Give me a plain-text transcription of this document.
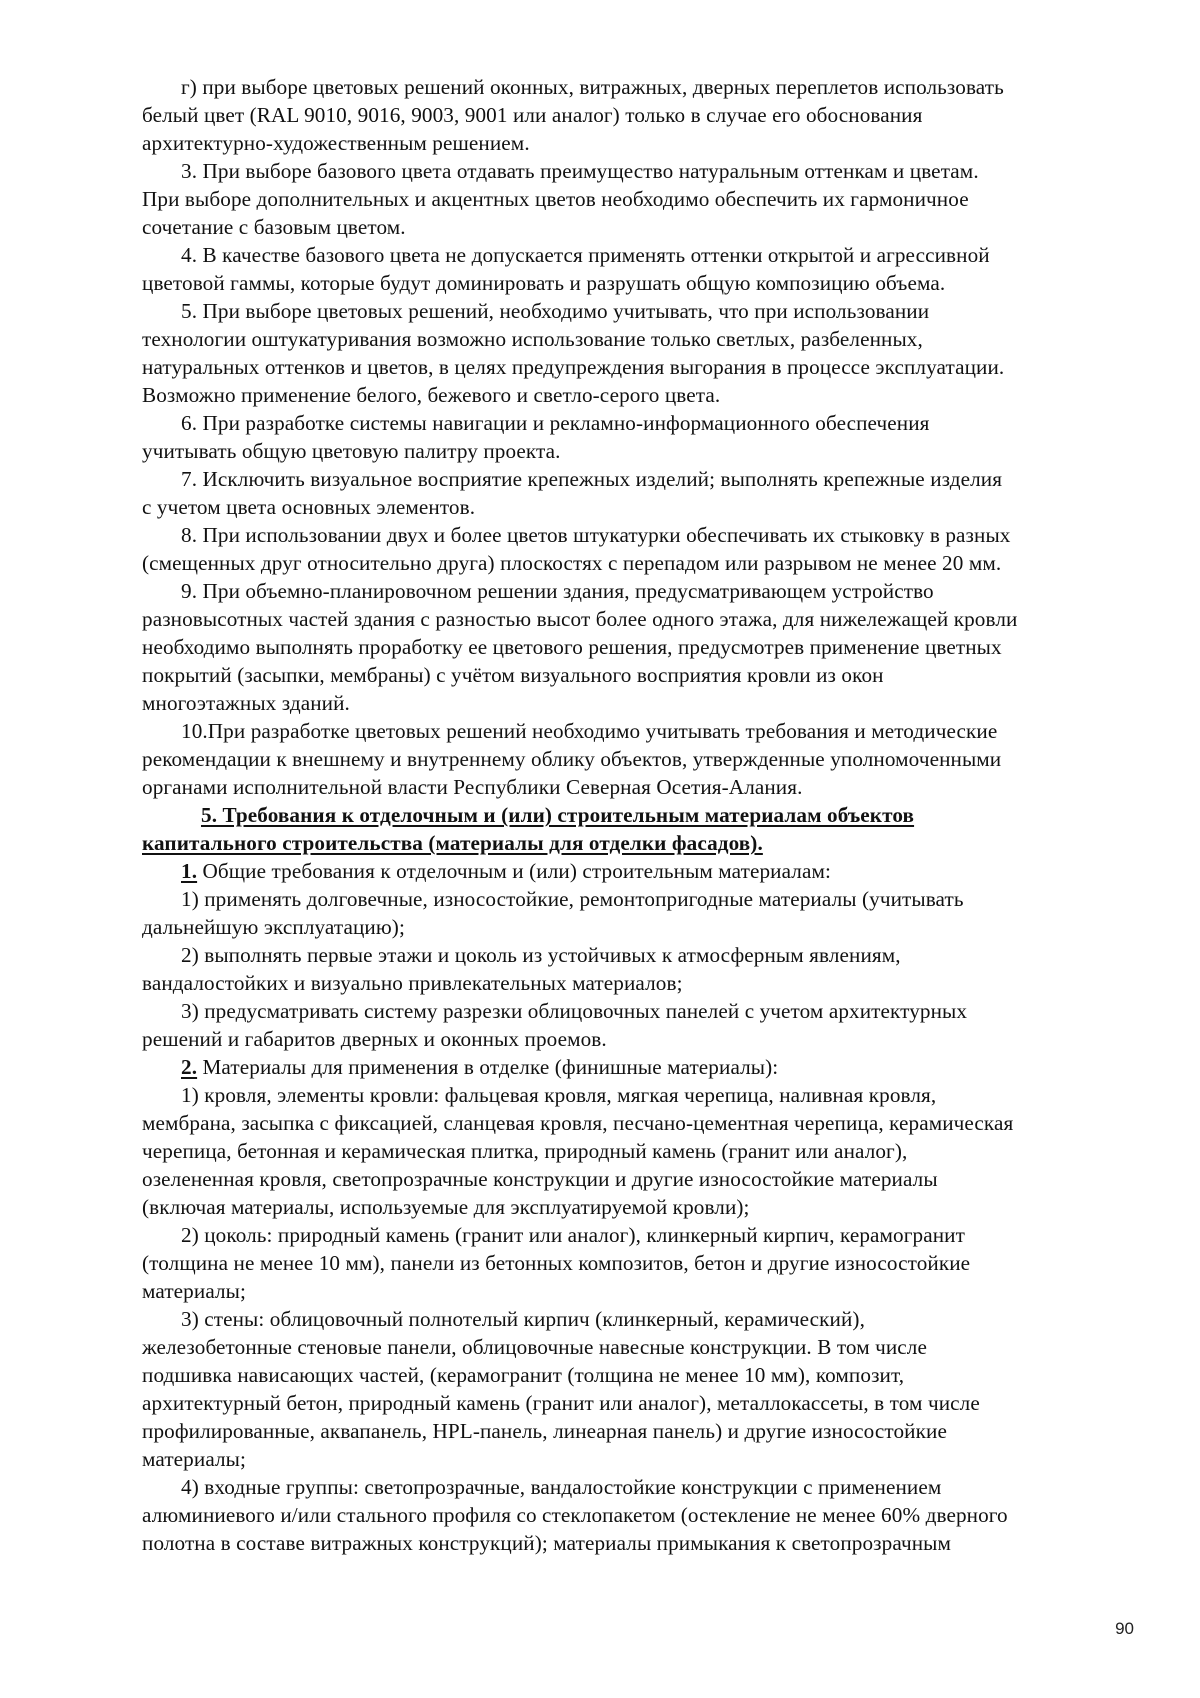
г) при выборе цветовых решений оконных, витражных, дверных переплетов использовать
белый цвет (RAL 9010, 9016, 9003, 9001 или аналог) только в случае его обоснования
архитектурно-художественным решением.
3. При выборе базового цвета отдавать преимущество натуральным оттенкам и цветам.
При выборе дополнительных и акцентных цветов необходимо обеспечить их гармоничное
сочетание с базовым цветом.
4. В качестве базового цвета не допускается применять оттенки открытой и агрессивной
цветовой гаммы, которые будут доминировать и разрушать общую композицию объема.
5. При выборе цветовых решений, необходимо учитывать, что при использовании
технологии оштукатуривания возможно использование только светлых, разбеленных,
натуральных оттенков и цветов, в целях предупреждения выгорания в процессе эксплуатации.
Возможно применение белого, бежевого и светло-серого цвета.
6. При разработке системы навигации и рекламно-информационного обеспечения
учитывать общую цветовую палитру проекта.
7. Исключить визуальное восприятие крепежных изделий; выполнять крепежные изделия
с учетом цвета основных элементов.
8. При использовании двух и более цветов штукатурки обеспечивать их стыковку в разных
(смещенных друг относительно друга) плоскостях с перепадом или разрывом не менее 20 мм.
9. При объемно-планировочном решении здания, предусматривающем устройство
разновысотных частей здания с разностью высот более одного этажа, для нижележащей кровли
необходимо выполнять проработку ее цветового решения, предусмотрев применение цветных
покрытий (засыпки, мембраны) с учётом визуального восприятия кровли из окон
многоэтажных зданий.
10.При разработке цветовых решений необходимо учитывать требования и методические
рекомендации к внешнему и внутреннему облику объектов, утвержденные уполномоченными
органами исполнительной власти Республики Северная Осетия-Алания.
5. Требования к отделочным и (или) строительным материалам объектов
капитального строительства (материалы для отделки фасадов).
1. Общие требования к отделочным и (или) строительным материалам:
1) применять долговечные, износостойкие, ремонтопригодные материалы (учитывать
дальнейшую эксплуатацию);
2) выполнять первые этажи и цоколь из устойчивых к атмосферным явлениям,
вандалостойких и визуально привлекательных материалов;
3) предусматривать систему разрезки облицовочных панелей с учетом архитектурных
решений и габаритов дверных и оконных проемов.
2. Материалы для применения в отделке (финишные материалы):
1) кровля, элементы кровли: фальцевая кровля, мягкая черепица, наливная кровля,
мембрана, засыпка с фиксацией, сланцевая кровля, песчано-цементная черепица, керамическая
черепица, бетонная и керамическая плитка, природный камень (гранит или аналог),
озелененная кровля, светопрозрачные конструкции и другие износостойкие материалы
(включая материалы, используемые для эксплуатируемой кровли);
2) цоколь: природный камень (гранит или аналог), клинкерный кирпич, керамогранит
(толщина не менее 10 мм), панели из бетонных композитов, бетон и другие износостойкие
материалы;
3) стены: облицовочный полнотелый кирпич (клинкерный, керамический),
железобетонные стеновые панели, облицовочные навесные конструкции. В том числе
подшивка нависающих частей, (керамогранит (толщина не менее 10 мм), композит,
архитектурный бетон, природный камень (гранит или аналог), металлокассеты, в том числе
профилированные, аквапанель, HPL-панель, линеарная панель) и другие износостойкие
материалы;
4) входные группы: светопрозрачные, вандалостойкие конструкции с применением
алюминиевого и/или стального профиля со стеклопакетом (остекление не менее 60% дверного
полотна в составе витражных конструкций); материалы примыкания к светопрозрачным
90
